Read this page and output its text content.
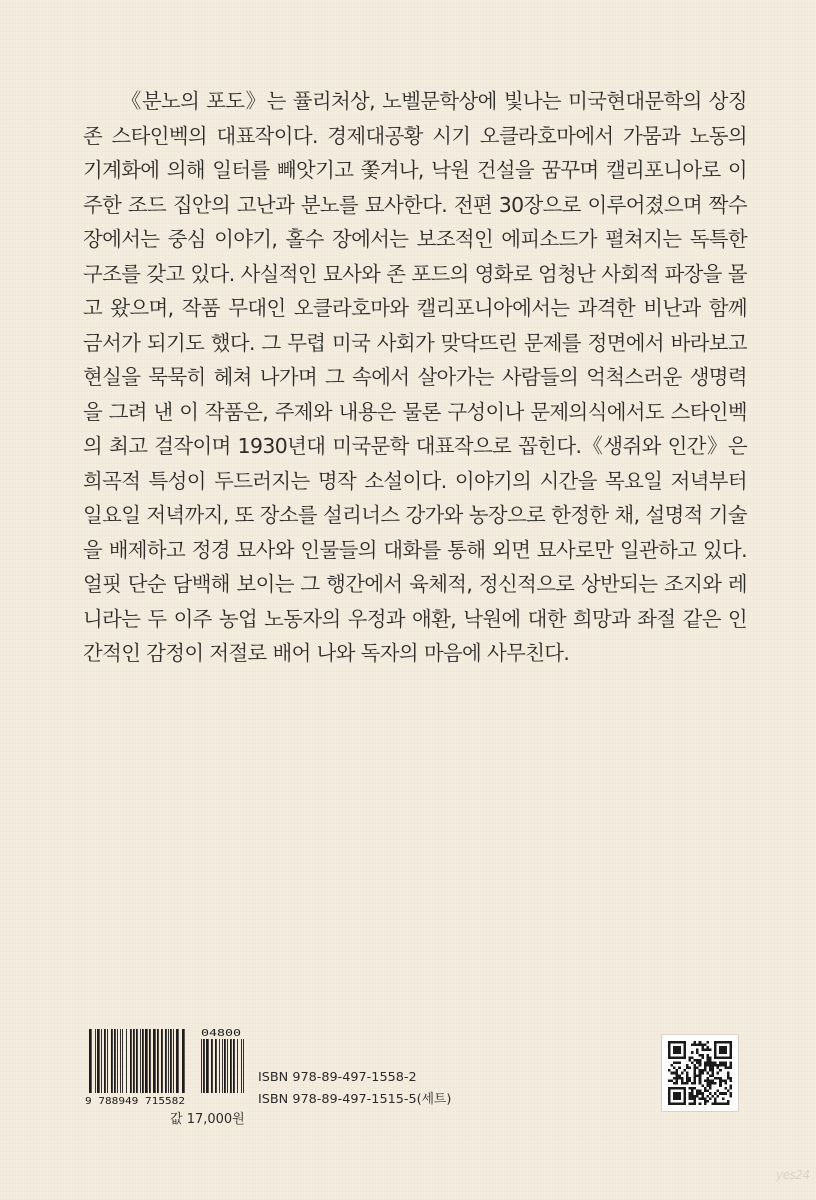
《분노의 포도》는 퓰리처상, 노벨문학상에 빛나는 미국현대문학의 상징 존 스타인벡의 대표작이다. 경제대공황 시기 오클라호마에서 가뭄과 노동의 기계화에 의해 일터를 빼앗기고 쫓겨나, 낙원 건설을 꿈꾸며 캘리포니아로 이주한 조드 집안의 고난과 분노를 묘사한다. 전편 30장으로 이루어졌으며 짝수 장에서는 중심 이야기, 홀수 장에서는 보조적인 에피소드가 펼쳐지는 독특한 구조를 갖고 있다. 사실적인 묘사와 존 포드의 영화로 엄청난 사회적 파장을 몰고 왔으며, 작품 무대인 오클라호마와 캘리포니아에서는 과격한 비난과 함께 금서가 되기도 했다. 그 무렵 미국 사회가 맞닥뜨린 문제를 정면에서 바라보고 현실을 묵묵히 헤쳐 나가며 그 속에서 살아가는 사람들의 억척스러운 생명력을 그려 낸 이 작품은, 주제와 내용은 물론 구성이나 문제의식에서도 스타인벡의 최고 걸작이며 1930년대 미국문학 대표작으로 꼽힌다.《생쥐와 인간》은 희곡적 특성이 두드러지는 명작 소설이다. 이야기의 시간을 목요일 저녁부터 일요일 저녁까지, 또 장소를 설리너스 강가와 농장으로 한정한 채, 설명적 기술을 배제하고 정경 묘사와 인물들의 대화를 통해 외면 묘사로만 일관하고 있다. 얼핏 단순 담백해 보이는 그 행간에서 육체적, 정신적으로 상반되는 조지와 레니라는 두 이주 농업 노동자의 우정과 애환, 낙원에 대한 희망과 좌절 같은 인간적인 감정이 저절로 배어 나와 독자의 마음에 사무친다.

9 788949 715582
04800
값 17,000원
ISBN 978-89-497-1558-2
ISBN 978-89-497-1515-5(세트)
yes24
